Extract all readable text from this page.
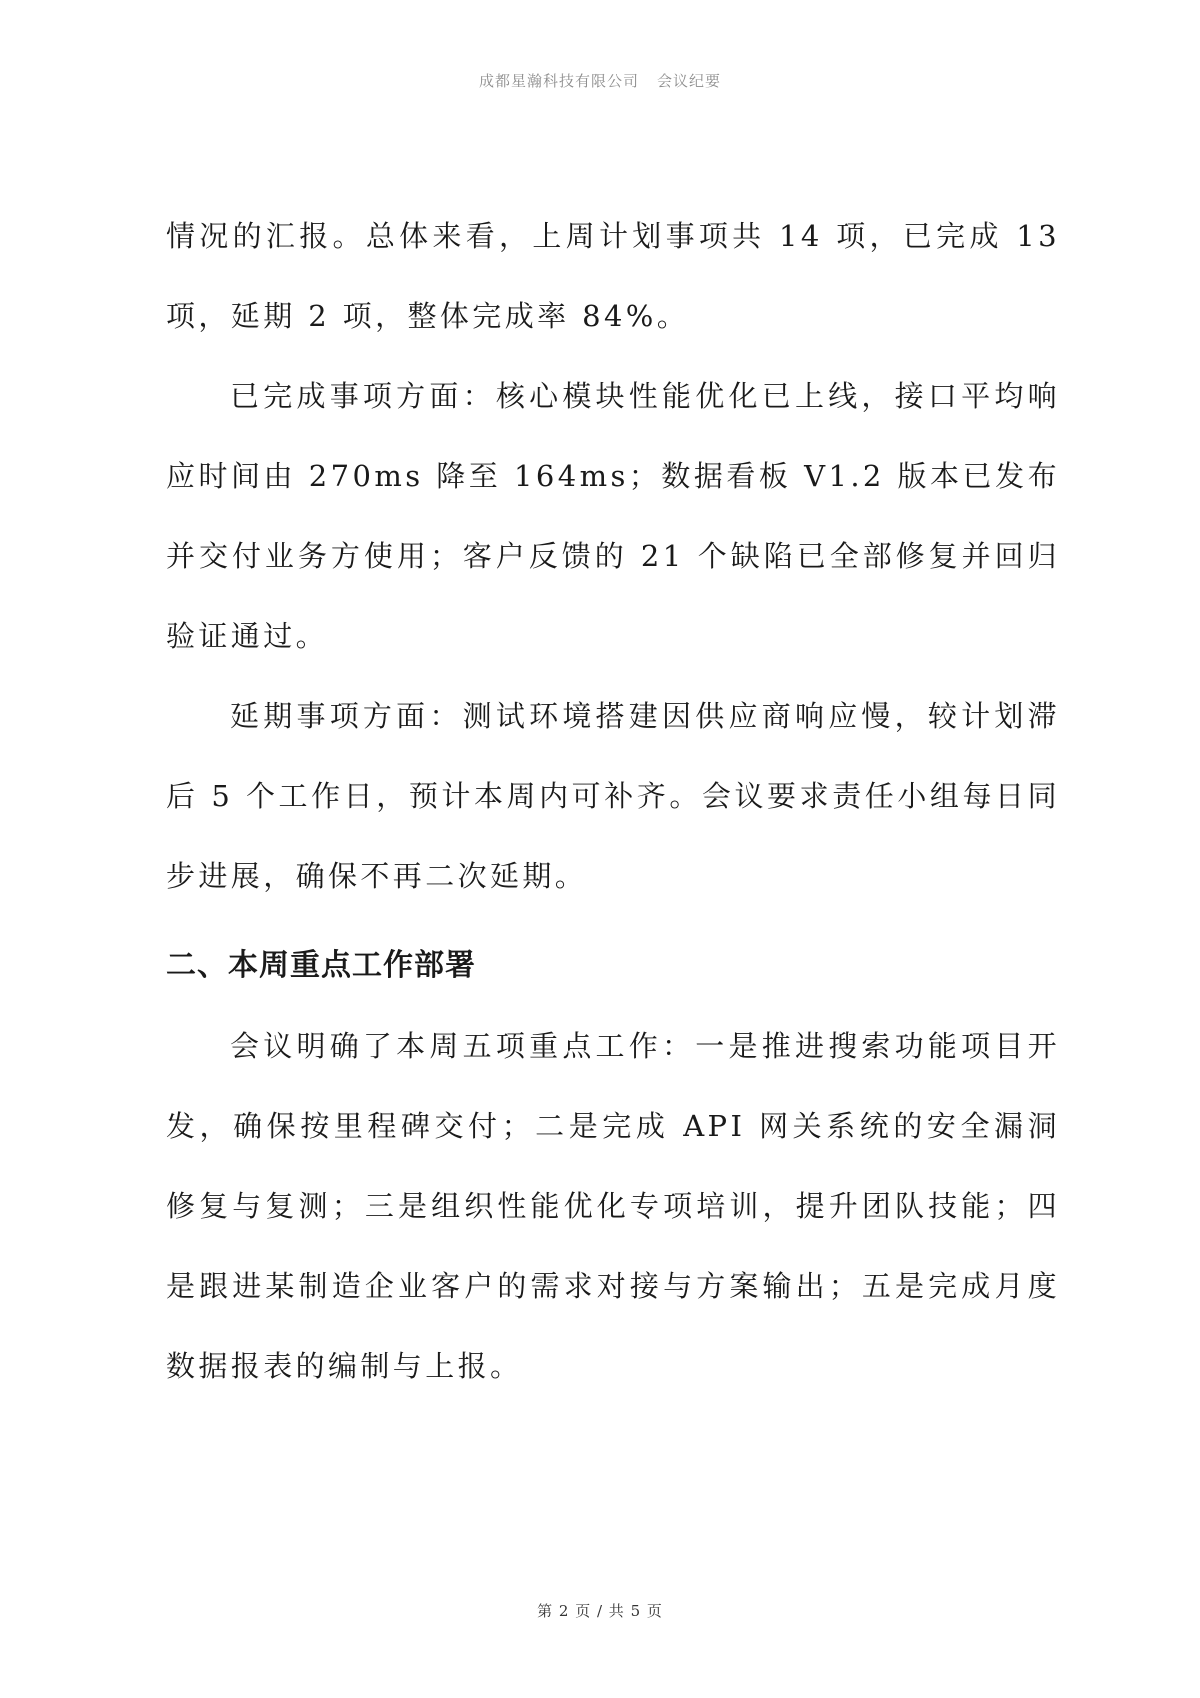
成都星瀚科技有限公司 会议纪要

情况的汇报。总体来看，上周计划事项共 14 项，已完成 13 项，延期 2 项，整体完成率 84%。

已完成事项方面：核心模块性能优化已上线，接口平均响应时间由 270ms 降至 164ms；数据看板 V1.2 版本已发布并交付业务方使用；客户反馈的 21 个缺陷已全部修复并回归验证通过。

延期事项方面：测试环境搭建因供应商响应慢，较计划滞后 5 个工作日，预计本周内可补齐。会议要求责任小组每日同步进展，确保不再二次延期。

二、本周重点工作部署

会议明确了本周五项重点工作：一是推进搜索功能项目开发，确保按里程碑交付；二是完成 API 网关系统的安全漏洞修复与复测；三是组织性能优化专项培训，提升团队技能；四是跟进某制造企业客户的需求对接与方案输出；五是完成月度数据报表的编制与上报。

第 2 页 / 共 5 页
